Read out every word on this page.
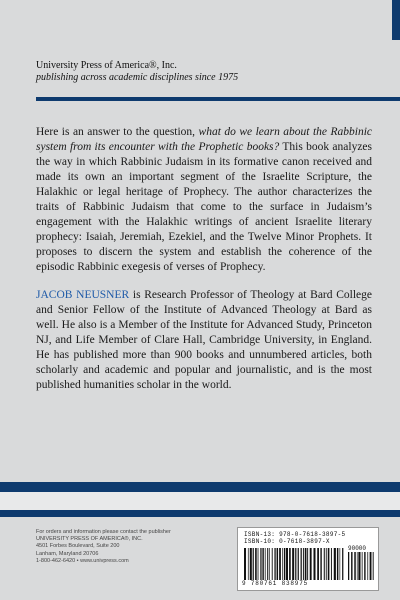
University Press of America®, Inc.
publishing across academic disciplines since 1975

Here is an answer to the question, what do we learn about the Rabbinic system from its encounter with the Prophetic books? This book analyzes the way in which Rabbinic Judaism in its formative canon received and made its own an important segment of the Israelite Scripture, the Halakhic or legal heritage of Prophecy. The author characterizes the traits of Rabbinic Judaism that come to the surface in Judaism’s engagement with the Halakhic writings of ancient Israelite literary prophecy: Isaiah, Jeremiah, Ezekiel, and the Twelve Minor Prophets. It proposes to discern the system and establish the coherence of the episodic Rabbinic exegesis of verses of Prophecy.

JACOB NEUSNER is Research Professor of Theology at Bard College and Senior Fellow of the Institute of Advanced Theology at Bard as well. He also is a Member of the Institute for Advanced Study, Princeton NJ, and Life Member of Clare Hall, Cambridge University, in England. He has published more than 900 books and unnumbered articles, both scholarly and academic and popular and journalistic, and is the most published humanities scholar in the world.

For orders and information please contact the publisher
UNIVERSITY PRESS OF AMERICA®, INC.
4501 Forbes Boulevard, Suite 200
Lanham, Maryland 20706
1-800-462-6420 • www.univpress.com
ISBN-13: 978-0-7618-3897-5
ISBN-10: 0-7618-3897-X
90000
9 780761 838975
